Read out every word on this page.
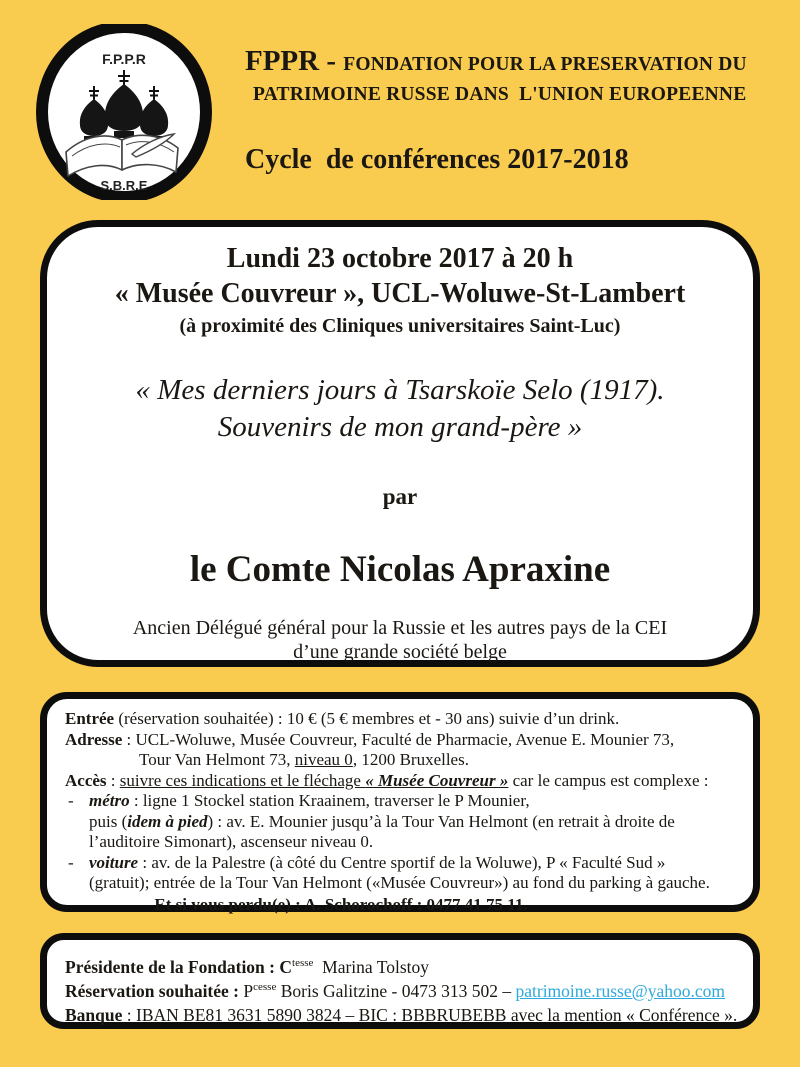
F.P.P.R
S.B.R.E
FPPR - FONDATION POUR LA PRESERVATION DU
PATRIMOINE RUSSE DANS  L'UNION EUROPEENNE
Cycle  de conférences 2017-2018
Lundi 23 octobre 2017 à 20 h
« Musée Couvreur », UCL-Woluwe-St-Lambert
(à proximité des Cliniques universitaires Saint-Luc)
« Mes derniers jours à Tsarskoïe Selo (1917).
Souvenirs de mon grand-père »
par
le Comte Nicolas Apraxine
Ancien Délégué général pour la Russie et les autres pays de la CEI
d’une grande société belge
Entrée (réservation souhaitée) : 10 € (5 € membres et - 30 ans) suivie d’un drink.
Adresse : UCL-Woluwe, Musée Couvreur, Faculté de Pharmacie, Avenue E. Mounier 73,
Tour Van Helmont 73, niveau 0, 1200 Bruxelles.
Accès : suivre ces indications et le fléchage « Musée Couvreur » car le campus est complexe :
- métro : ligne 1 Stockel station Kraainem, traverser le P Mounier,
puis (idem à pied) : av. E. Mounier jusqu’à la Tour Van Helmont (en retrait à droite de
l’auditoire Simonart), ascenseur niveau 0.
- voiture : av. de la Palestre (à côté du Centre sportif de la Woluwe), P « Faculté Sud »
(gratuit); entrée de la Tour Van Helmont («Musée Couvreur») au fond du parking à gauche.
Et si vous perdu(e) : A. Schorochoff : 0477 41 75 11.
Présidente de la Fondation : $C^{tesse}$  Marina Tolstoy
Réservation souhaitée : $P^{cesse}$ Boris Galitzine - 0473 313 502 – patrimoine.russe@yahoo.com
Banque : IBAN BE81 3631 5890 3824 – BIC : BBBRUBEBB avec la mention « Conférence ».
